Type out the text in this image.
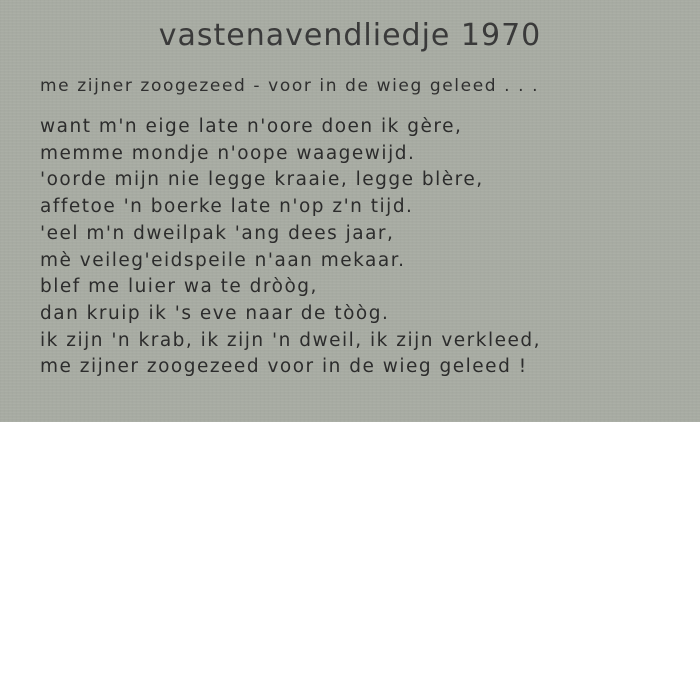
vastenavendliedje 1970
me zijner zoogezeed - voor in de wieg geleed . . .
want m'n eige late n'oore doen ik gère,
memme mondje n'oope waagewijd.
'oorde mijn nie legge kraaie, legge blère,
affetoe 'n boerke late n'op z'n tijd.
'eel m'n dweilpak 'ang dees jaar,
mè veileg'eidspeile n'aan mekaar.
blef me luier wa te dròòg,
dan kruip ik 's eve naar de tòòg.
ik zijn 'n krab, ik zijn 'n dweil, ik zijn verkleed,
me zijner zoogezeed voor in de wieg geleed !
